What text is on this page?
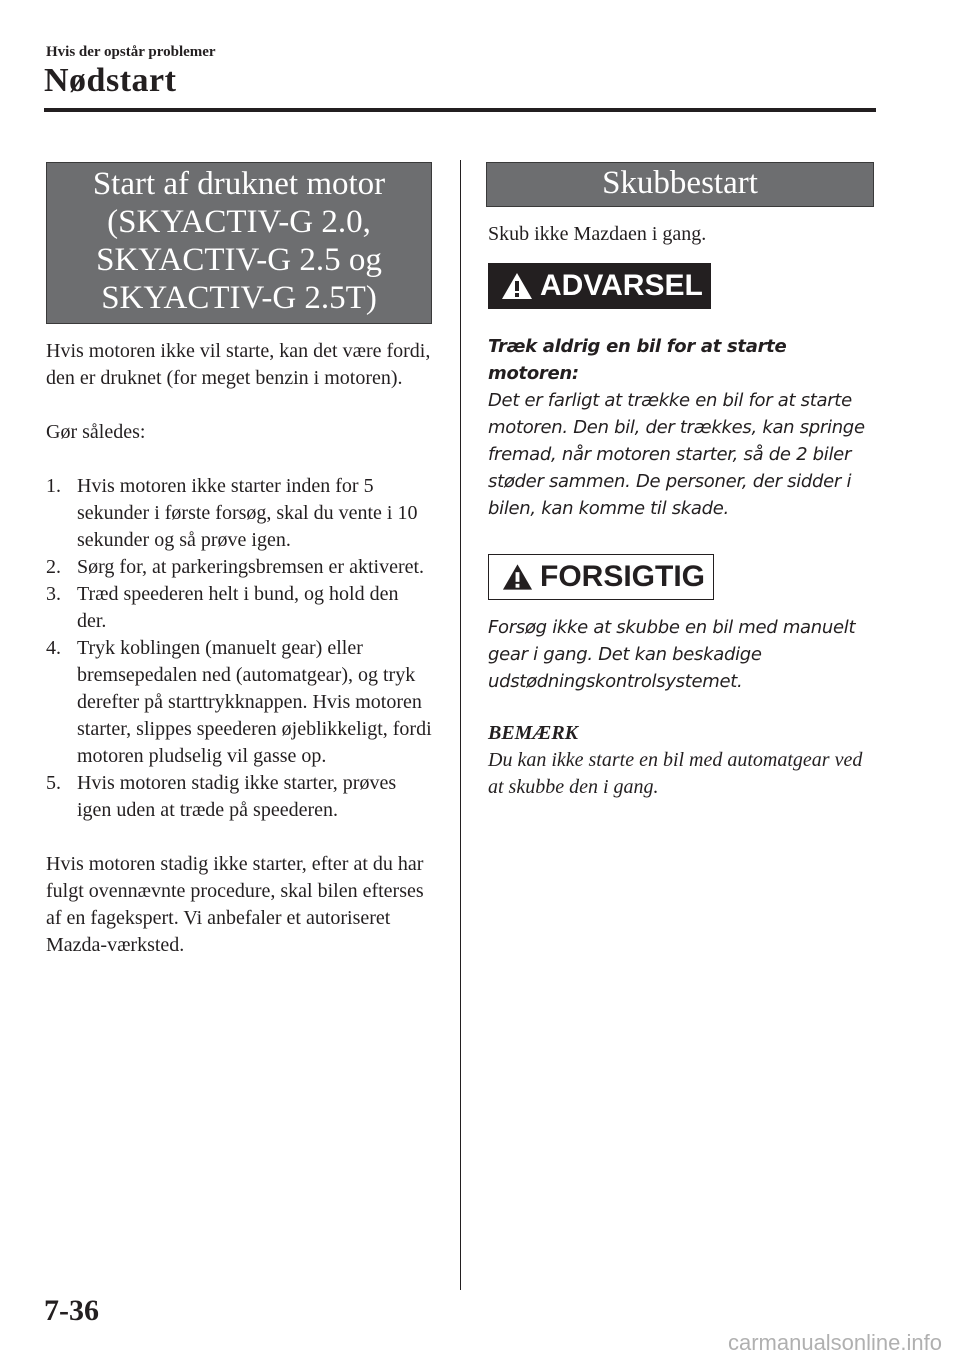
Hvis der opstår problemer
Nødstart
Start af druknet motor
(SKYACTIV-G 2.0,
SKYACTIV-G 2.5 og
SKYACTIV-G 2.5T)

Hvis motoren ikke vil starte, kan det være fordi, den er druknet (for meget benzin i motoren).

Gør således:

1. Hvis motoren ikke starter inden for 5 sekunder i første forsøg, skal du vente i 10 sekunder og så prøve igen.
2. Sørg for, at parkeringsbremsen er aktiveret.
3. Træd speederen helt i bund, og hold den der.
4. Tryk koblingen (manuelt gear) eller bremsepedalen ned (automatgear), og tryk derefter på starttrykknappen. Hvis motoren starter, slippes speederen øjeblikkeligt, fordi motoren pludselig vil gasse op.
5. Hvis motoren stadig ikke starter, prøves igen uden at træde på speederen.

Hvis motoren stadig ikke starter, efter at du har fulgt ovennævnte procedure, skal bilen efterses af en fagekspert. Vi anbefaler et autoriseret Mazda-værksted.

Skubbestart

Skub ikke Mazdaen i gang.

ADVARSEL

Træk aldrig en bil for at starte motoren:

Det er farligt at trække en bil for at starte motoren. Den bil, der trækkes, kan springe fremad, når motoren starter, så de 2 biler støder sammen. De personer, der sidder i bilen, kan komme til skade.

FORSIGTIG

Forsøg ikke at skubbe en bil med manuelt gear i gang. Det kan beskadige udstødningskontrolsystemet.

BEMÆRK

Du kan ikke starte en bil med automatgear ved at skubbe den i gang.

7-36
carmanualsonline.info
